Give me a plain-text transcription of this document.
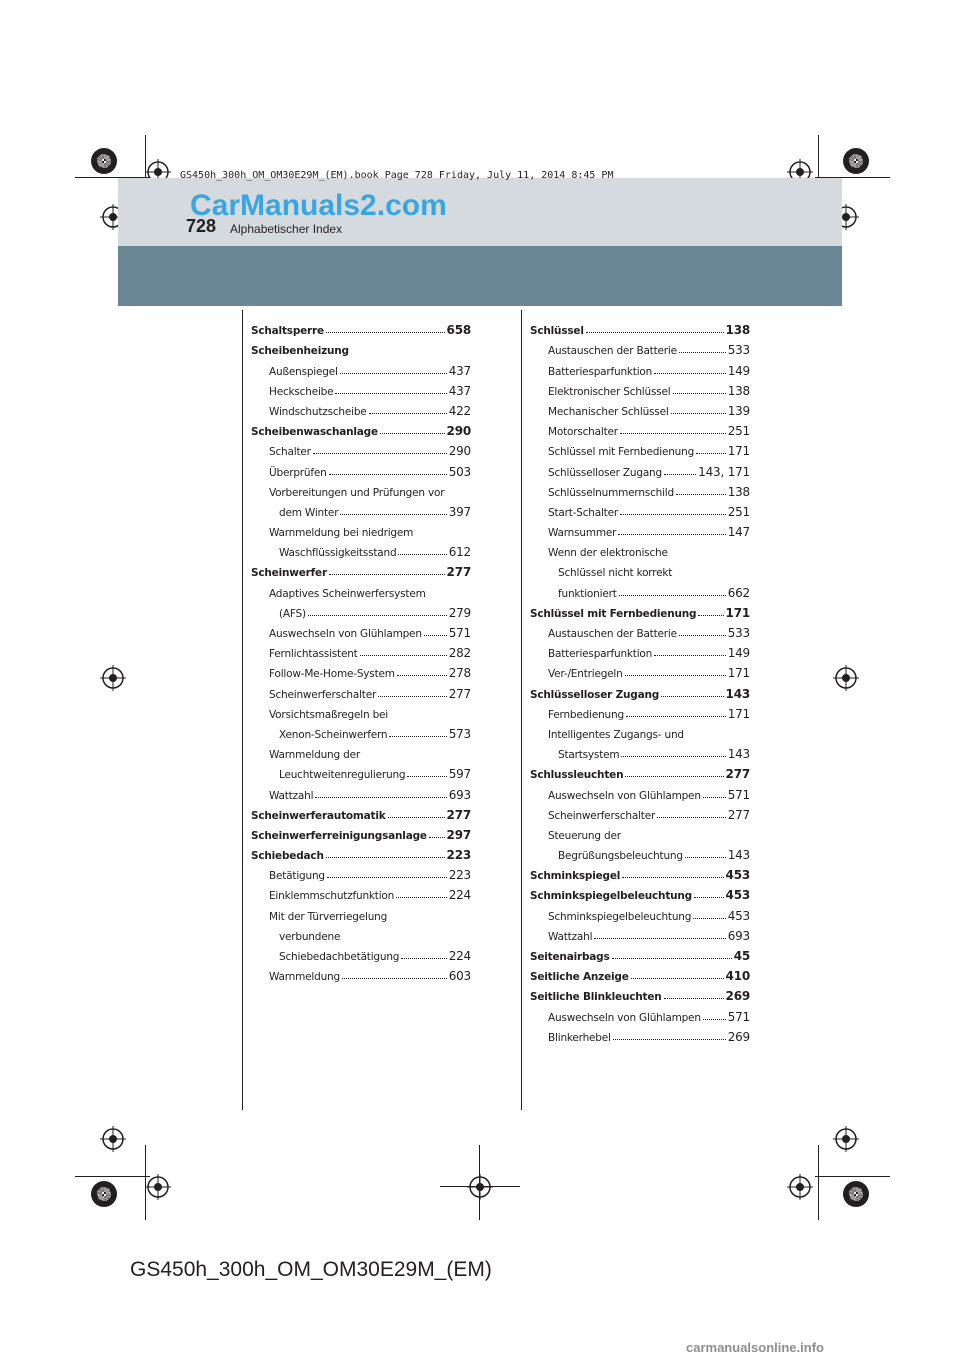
GS450h_300h_OM_OM30E29M_(EM).book Page 728 Friday, July 11, 2014 8:45 PM
CarManuals2.com
728 Alphabetischer Index
Schaltsperre	658
Scheibenheizung
Außenspiegel	437
Heckscheibe	437
Windschutzscheibe	422
Scheibenwaschanlage	290
Schalter	290
Überprüfen	503
Vorbereitungen und Prüfungen vor
dem Winter	397
Warnmeldung bei niedrigem
Waschflüssigkeitsstand	612
Scheinwerfer	277
Adaptives Scheinwerfersystem
(AFS)	279
Auswechseln von Glühlampen 571
Fernlichtassistent	282
Follow-Me-Home-System	278
Scheinwerferschalter	277
Vorsichtsmaßregeln bei
Xenon-Scheinwerfern	573
Warnmeldung der
Leuchtweitenregulierung	597
Wattzahl	693
Scheinwerferautomatik	277
Scheinwerferreinigungsanlage 297
Schiebedach	223
Betätigung	223
Einklemmschutzfunktion	224
Mit der Türverriegelung
verbundene
Schiebedachbetätigung	224
Warnmeldung	603
Schlüssel	138
Austauschen der Batterie	533
Batteriesparfunktion	149
Elektronischer Schlüssel	138
Mechanischer Schlüssel	139
Motorschalter	251
Schlüssel mit Fernbedienung	171
Schlüsselloser Zugang	143, 171
Schlüsselnummernschild	138
Start-Schalter	251
Warnsummer	147
Wenn der elektronische
Schlüssel nicht korrekt
funktioniert	662
Schlüssel mit Fernbedienung 171
Austauschen der Batterie	533
Batteriesparfunktion	149
Ver-/Entriegeln	171
Schlüsselloser Zugang	143
Fernbedienung	171
Intelligentes Zugangs- und
Startsystem	143
Schlussleuchten	277
Auswechseln von Glühlampen 571
Scheinwerferschalter	277
Steuerung der
Begrüßungsbeleuchtung	143
Schminkspiegel	453
Schminkspiegelbeleuchtung	453
Schminkspiegelbeleuchtung	453
Wattzahl	693
Seitenairbags	45
Seitliche Anzeige	410
Seitliche Blinkleuchten	269
Auswechseln von Glühlampen 571
Blinkerhebel	269
GS450h_300h_OM_OM30E29M_(EM)
carmanualsonline.info
